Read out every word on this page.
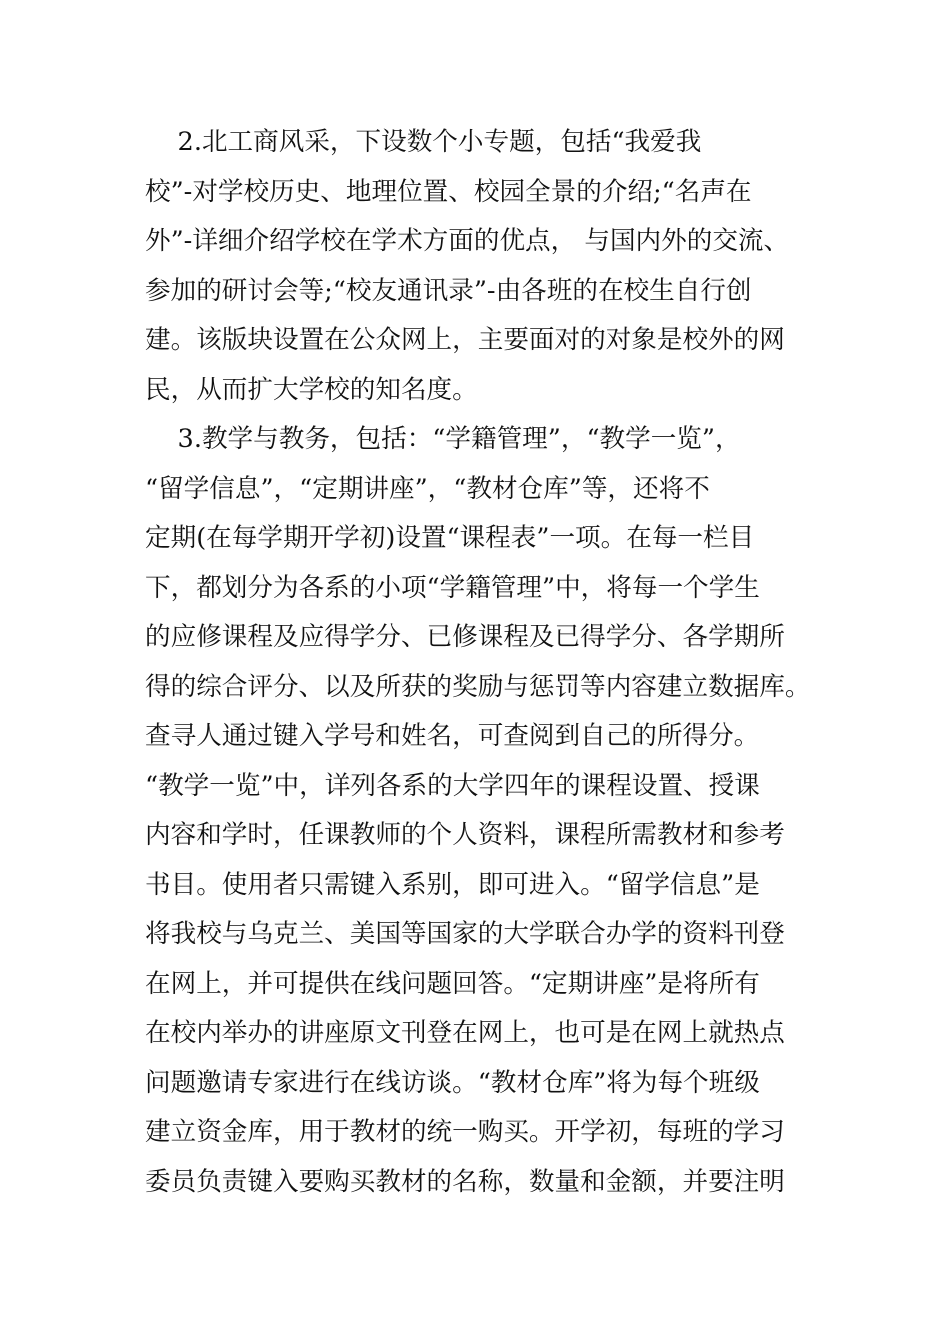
2.北工商风采，下设数个小专题，包括“我爱我
校”-对学校历史、地理位置、校园全景的介绍;“名声在
外”-详细介绍学校在学术方面的优点， 与国内外的交流、
参加的研讨会等;“校友通讯录”-由各班的在校生自行创
建。该版块设置在公众网上，主要面对的对象是校外的网
民，从而扩大学校的知名度。
3.教学与教务，包括：“学籍管理”，“教学一览”，
“留学信息”，“定期讲座”，“教材仓库”等，还将不
定期(在每学期开学初)设置“课程表”一项。在每一栏目
下，都划分为各系的小项“学籍管理”中，将每一个学生
的应修课程及应得学分、已修课程及已得学分、各学期所
得的综合评分、以及所获的奖励与惩罚等内容建立数据库。
查寻人通过键入学号和姓名，可查阅到自己的所得分。
“教学一览”中，详列各系的大学四年的课程设置、授课
内容和学时，任课教师的个人资料，课程所需教材和参考
书目。使用者只需键入系别，即可进入。“留学信息”是
将我校与乌克兰、美国等国家的大学联合办学的资料刊登
在网上，并可提供在线问题回答。“定期讲座”是将所有
在校内举办的讲座原文刊登在网上，也可是在网上就热点
问题邀请专家进行在线访谈。“教材仓库”将为每个班级
建立资金库，用于教材的统一购买。开学初，每班的学习
委员负责键入要购买教材的名称，数量和金额，并要注明
